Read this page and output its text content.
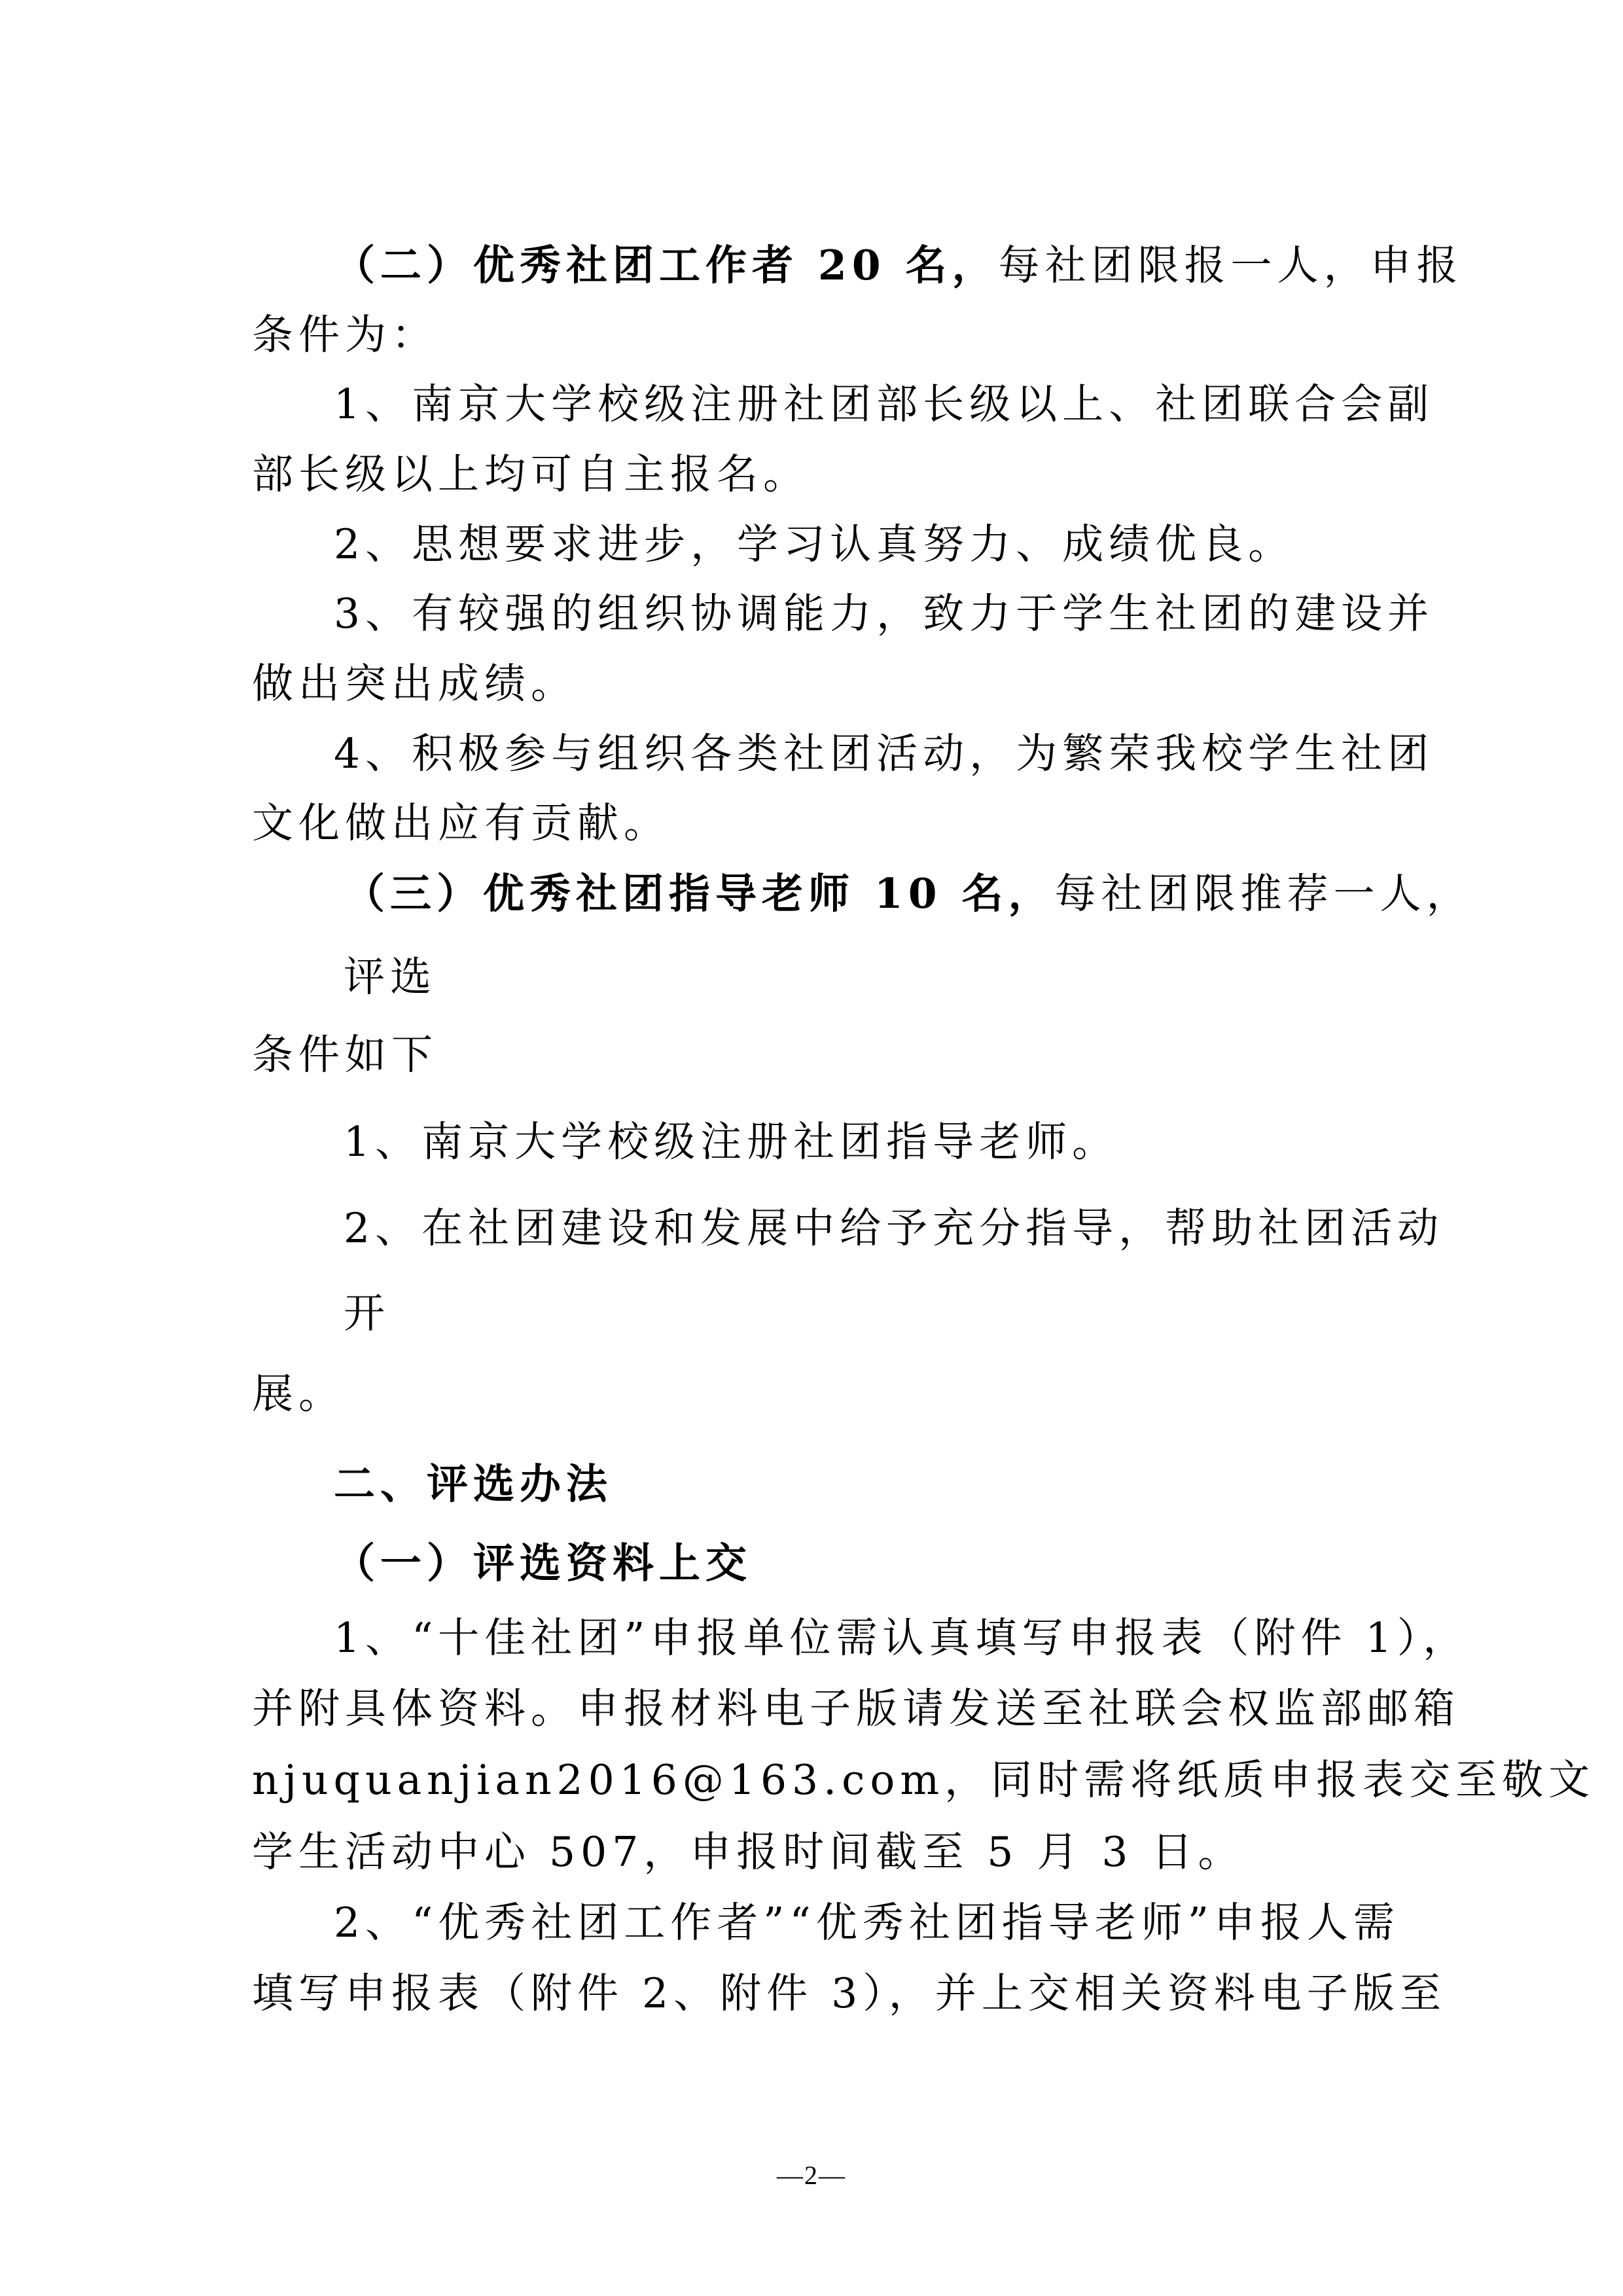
（二）优秀社团工作者 20 名，每社团限报一人，申报
条件为：
1、南京大学校级注册社团部长级以上、社团联合会副
部长级以上均可自主报名。
2、思想要求进步，学习认真努力、成绩优良。
3、有较强的组织协调能力，致力于学生社团的建设并
做出突出成绩。
4、积极参与组织各类社团活动，为繁荣我校学生社团
文化做出应有贡献。
（三）优秀社团指导老师 10 名，每社团限推荐一人，
评选
条件如下
1、南京大学校级注册社团指导老师。
2、在社团建设和发展中给予充分指导，帮助社团活动
开
展。
二、评选办法
（一）评选资料上交
1、“十佳社团”申报单位需认真填写申报表（附件 1），
并附具体资料。申报材料电子版请发送至社联会权监部邮箱
njuquanjian2016@163.com，同时需将纸质申报表交至敬文
学生活动中心 507，申报时间截至 5 月 3 日。
2、“优秀社团工作者”“优秀社团指导老师”申报人需
填写申报表（附件 2、附件 3），并上交相关资料电子版至
—2—
